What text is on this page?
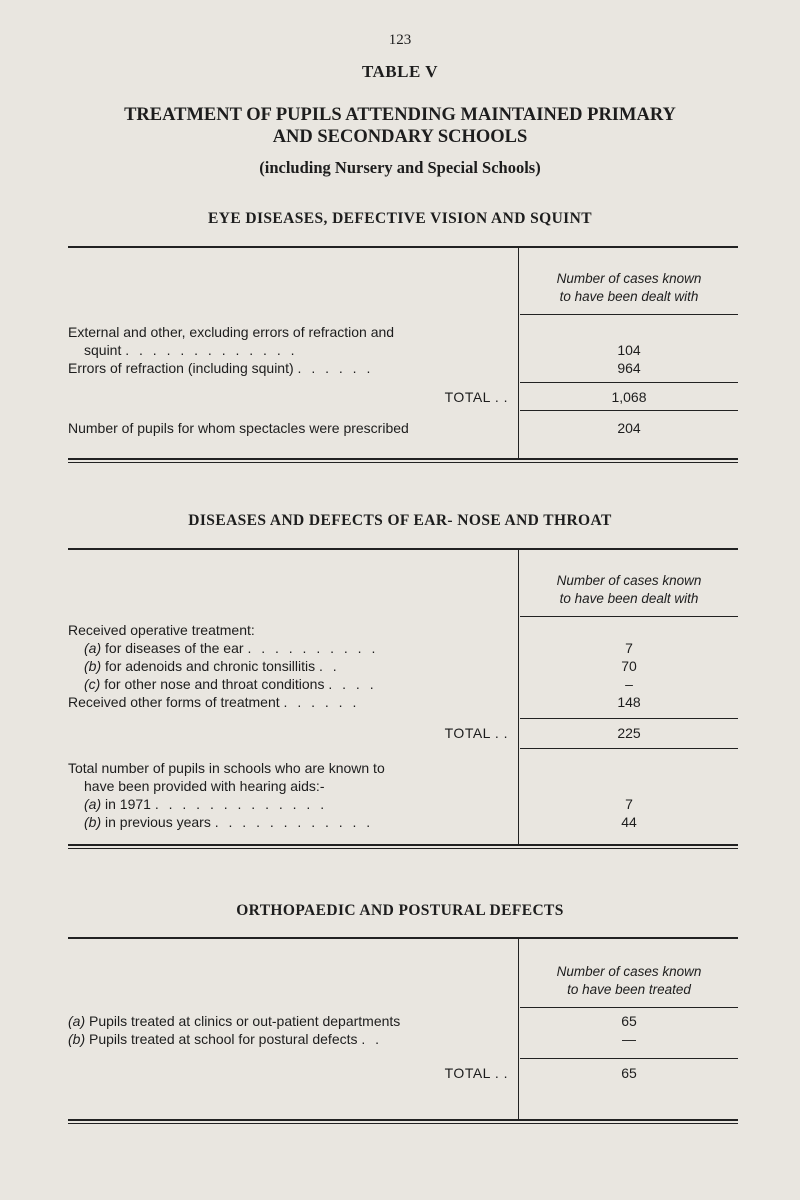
123
TABLE V
TREATMENT OF PUPILS ATTENDING MAINTAINED PRIMARY
AND SECONDARY SCHOOLS
(including Nursery and Special Schools)
EYE DISEASES, DEFECTIVE VISION AND SQUINT
Number of cases known
to have been dealt with
External and other, excluding errors of refraction and
squint . . . . . . . . . . . . .	104
Errors of refraction (including squint) . . . . . .	964
TOTAL . .	1,068
Number of pupils for whom spectacles were prescribed	204
DISEASES AND DEFECTS OF EAR- NOSE AND THROAT
Number of cases known
to have been dealt with
Received operative treatment:
(a) for diseases of the ear . . . . . . . . . .	7
(b) for adenoids and chronic tonsillitis . .	70
(c) for other nose and throat conditions . . . .	–
Received other forms of treatment . . . . . .	148
TOTAL . .	225
Total number of pupils in schools who are known to
have been provided with hearing aids:-
(a) in 1971 . . . . . . . . . . . . .	7
(b) in previous years . . . . . . . . . . . .	44
ORTHOPAEDIC AND POSTURAL DEFECTS
Number of cases known
to have been treated
(a) Pupils treated at clinics or out-patient departments	65
(b) Pupils treated at school for postural defects . .	—
TOTAL . .	65
